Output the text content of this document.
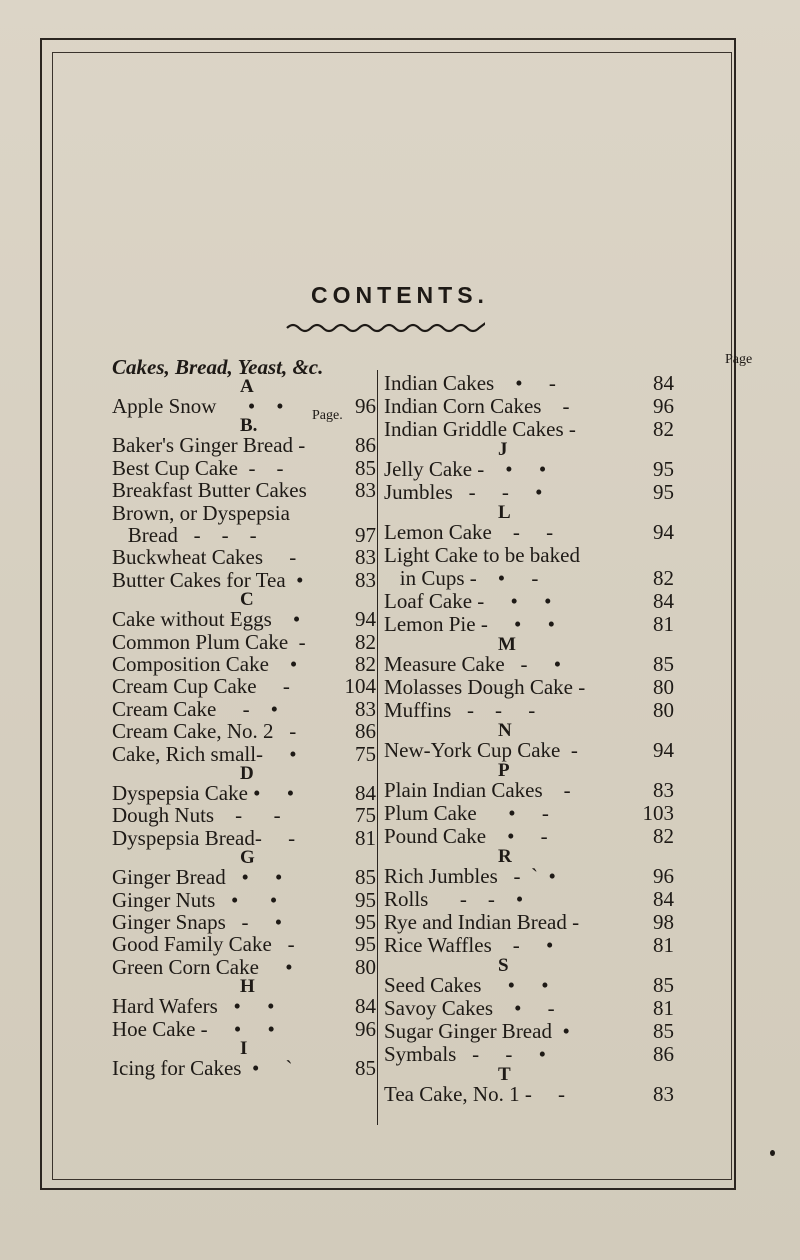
CONTENTS.
Cakes, Bread, Yeast, &c.
Page.
Page
A
Apple Snow      •    •	96
B.
Baker's Ginger Bread -	86
Best Cup Cake  -    -	85
Breakfast Butter Cakes	83
Brown, or Dyspepsia
Bread   -    -    -	97
Buckwheat Cakes     -	83
Butter Cakes for Tea  •	83
C
Cake without Eggs    •	94
Common Plum Cake  -	82
Composition Cake    •	82
Cream Cup Cake     -	104
Cream Cake     -    •	83
Cream Cake, No. 2   -	86
Cake, Rich small-     •	75
D
Dyspepsia Cake •     •	84
Dough Nuts    -      -	75
Dyspepsia Bread-     -	81
G
Ginger Bread   •     •	85
Ginger Nuts   •      •	95
Ginger Snaps   -     •	95
Good Family Cake   -	95
Green Corn Cake     •	80
H
Hard Wafers   •     •	84
Hoe Cake -     •     •	96
I
Icing for Cakes  •     ˋ	85
Indian Cakes    •     -	84
Indian Corn Cakes    -	96
Indian Griddle Cakes -	82
J
Jelly Cake -    •     •	95
Jumbles   -     -     •	95
L
Lemon Cake    -     -	94
Light Cake to be baked
in Cups -    •     -	82
Loaf Cake -     •     •	84
Lemon Pie -     •     •	81
M
Measure Cake   -     •	85
Molasses Dough Cake -	80
Muffins   -    -     -	80
N
New-York Cup Cake  -	94
P
Plain Indian Cakes    -	83
Plum Cake      •     -	103
Pound Cake    •     -	82
R
Rich Jumbles   -  ˋ  •	96
Rolls      -    -    •	84
Rye and Indian Bread -	98
Rice Waffles    -     •	81
S
Seed Cakes     •     •	85
Savoy Cakes    •     -	81
Sugar Ginger Bread  •	85
Symbals   -     -     •	86
T
Tea Cake, No. 1 -     -	83
